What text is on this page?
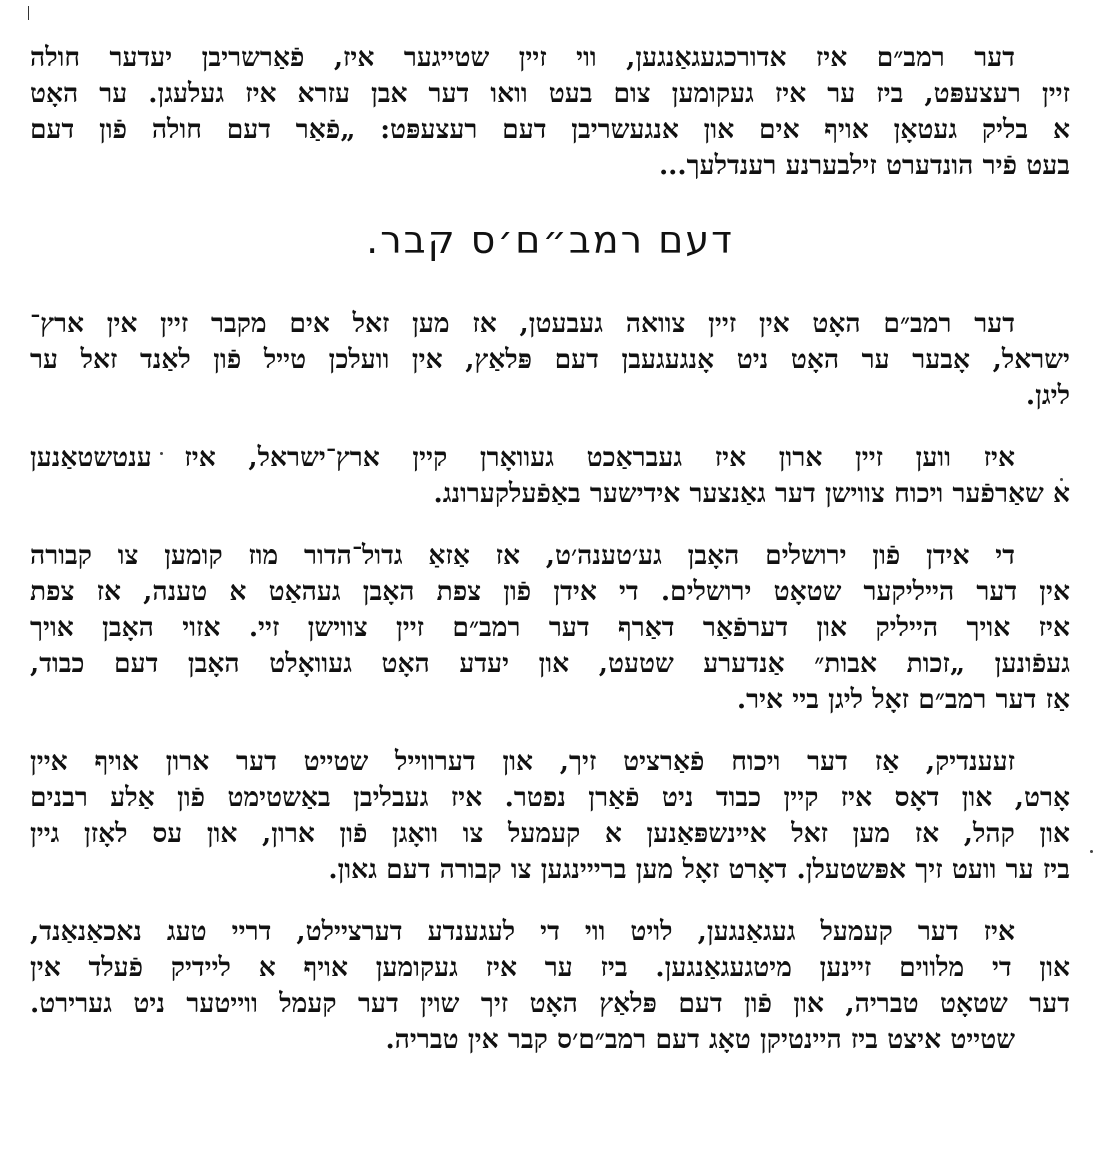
דער רמב״ם איז אדורכגעגאַנגען, ווי זיין שטייגער איז, פֿאַרשריבן יעדער חולה
זיין רעצעפּט, ביז ער איז געקומען צום בעט וואו דער אבן עזרא איז געלעגן. ער האָט
א בליק געטאָן אויף אים און אנגעשריבן דעם רעצעפּט: „פֿאַר דעם חולה פֿון דעם
בעט פֿיר הונדערט זילבערנע רענדלעך...
דעם רמב״ם׳ס קבר.
דער רמב״ם האָט אין זיין צוואה געבעטן, אז מען זאל אים מקבר זיין אין ארץ־
ישראל, אָבער ער האָט ניט אָנגעגעבן דעם פּלאַץ, אין וועלכן טייל פֿון לאַנד זאל ער
ליגן.
איז ווען זיין ארון איז געבראַכט געוואָרן קיין ארץ־ישראל, איז ענטשטאַנען
א שאַרפֿער ויכוח צווישן דער גאַנצער אידישער באַפֿעלקערונג.
די אידן פֿון ירושלים האָבן גע׳טענה׳ט, אז אַזאַ גדול־הדור מוז קומען צו קבורה
אין דער הייליקער שטאָט ירושלים. די אידן פֿון צפת האָבן געהאַט א טענה, אז צפת
איז אויך הייליק און דערפֿאַר דאַרף דער רמב״ם זיין צווישן זיי. אזוי האָבן אויך
געפֿונען „זכות אבות״ אַנדערע שטעט, און יעדע האָט געוואָלט האָבן דעם כבוד,
אַז דער רמב״ם זאָל ליגן ביי איר.
זעענדיק, אַז דער ויכוח פֿאַרציט זיך, און דערווייל שטייט דער ארון אויף איין
אָרט, און דאָס איז קיין כבוד ניט פֿאַרן נפטר. איז געבליבן באַשטימט פֿון אַלע רבנים
און קהל, אז מען זאל איינשפּאַנען א קעמעל צו וואָגן פֿון ארון, און עס לאָזן גיין
ביז ער וועט זיך אפּשטעלן. דאָרט זאָל מען ברייינגען צו קבורה דעם גאון.
איז דער קעמעל געגאַנגען, לויט ווי די לעגענדע דערציילט, דריי טעג נאכאַנאַנד,
און די מלווים זיינען מיטגעגאַנגען. ביז ער איז געקומען אויף א ליידיק פֿעלד אין
דער שטאָט טבריה, און פֿון דעם פּלאַץ האָט זיך שוין דער קעמל ווייטער ניט גערירט.
שטייט איצט ביז היינטיקן טאָג דעם רמב״ם׳ס קבר אין טבריה.
